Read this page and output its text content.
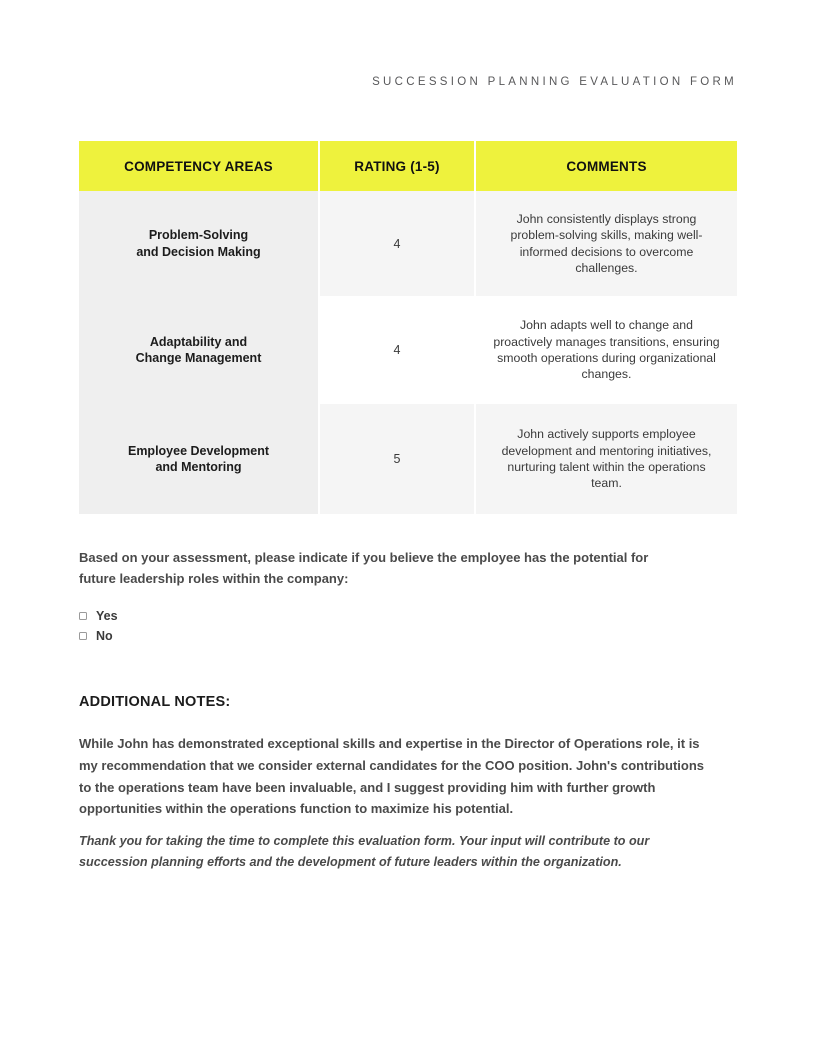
SUCCESSION PLANNING EVALUATION FORM
COMPETENCY AREAS	RATING (1-5)	COMMENTS
Problem-Solving
and Decision Making
4
John consistently displays strong problem-solving skills, making well-informed decisions to overcome challenges.
Adaptability and
Change Management
4
John adapts well to change and proactively manages transitions, ensuring smooth operations during organizational changes.
Employee Development
and Mentoring
5
John actively supports employee development and mentoring initiatives, nurturing talent within the operations team.
Based on your assessment, please indicate if you believe the employee has the potential for future leadership roles within the company:
Yes
No
ADDITIONAL NOTES:
While John has demonstrated exceptional skills and expertise in the Director of Operations role, it is my recommendation that we consider external candidates for the COO position. John's contributions to the operations team have been invaluable, and I suggest providing him with further growth opportunities within the operations function to maximize his potential.
Thank you for taking the time to complete this evaluation form. Your input will contribute to our succession planning efforts and the development of future leaders within the organization.
